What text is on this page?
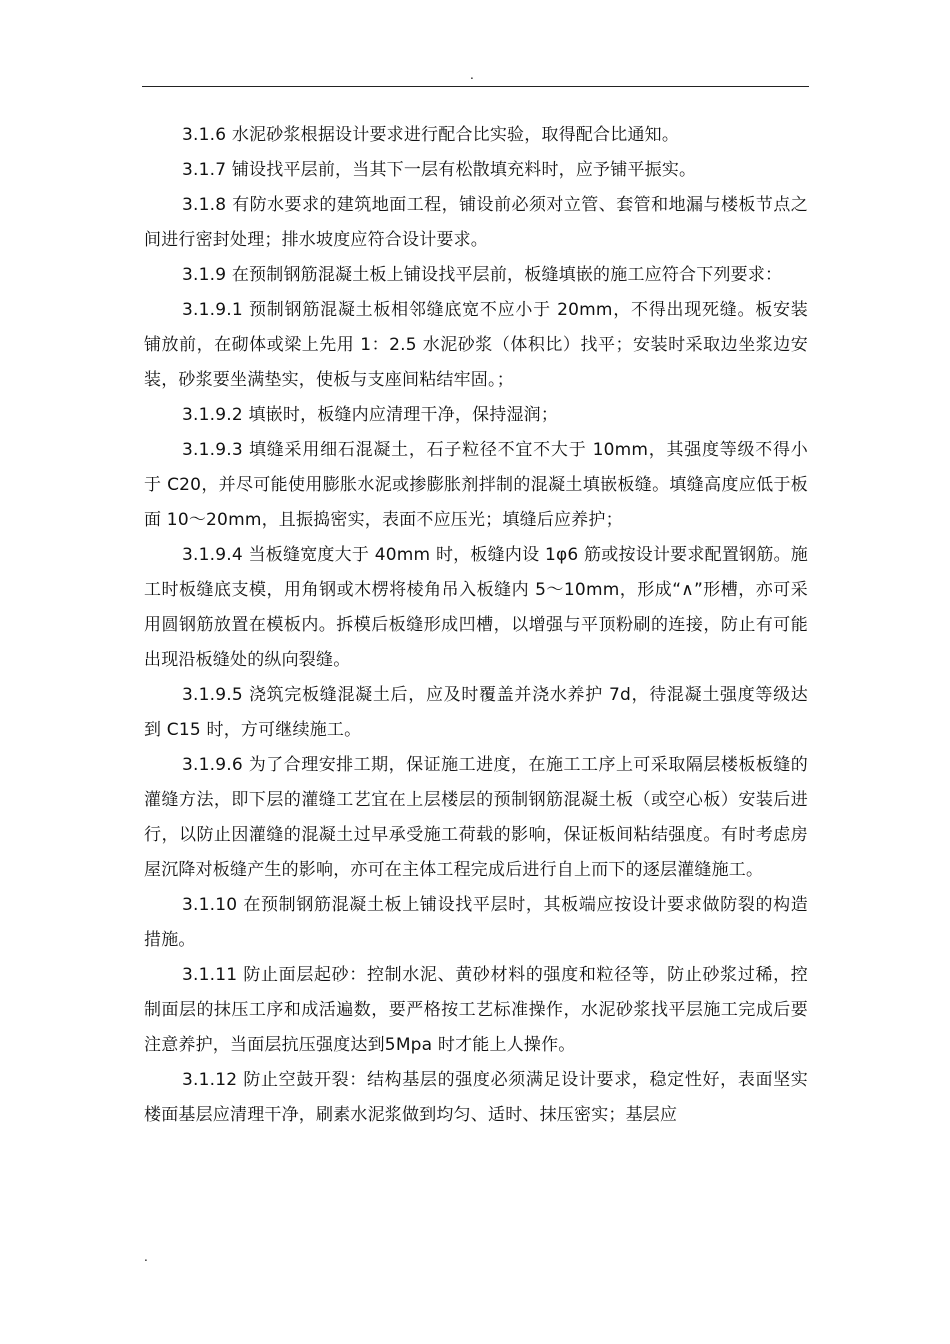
.

3.1.6 水泥砂浆根据设计要求进行配合比实验，取得配合比通知。

3.1.7 铺设找平层前，当其下一层有松散填充料时，应予铺平振实。

3.1.8 有防水要求的建筑地面工程，铺设前必须对立管、套管和地漏与楼板节点之间进行密封处理；排水坡度应符合设计要求。

3.1.9 在预制钢筋混凝土板上铺设找平层前，板缝填嵌的施工应符合下列要求：

3.1.9.1 预制钢筋混凝土板相邻缝底宽不应小于 20mm，不得出现死缝。板安装铺放前，在砌体或梁上先用 1：2.5 水泥砂浆（体积比）找平；安装时采取边坐浆边安装，砂浆要坐满垫实，使板与支座间粘结牢固。；

3.1.9.2 填嵌时，板缝内应清理干净，保持湿润；

3.1.9.3 填缝采用细石混凝土，石子粒径不宜不大于 10mm，其强度等级不得小于 C20，并尽可能使用膨胀水泥或掺膨胀剂拌制的混凝土填嵌板缝。填缝高度应低于板面 10～20mm，且振捣密实，表面不应压光；填缝后应养护；

3.1.9.4 当板缝宽度大于 40mm 时，板缝内设 1φ6 筋或按设计要求配置钢筋。施工时板缝底支模，用角钢或木楞将棱角吊入板缝内 5～10mm，形成“∧”形槽，亦可采用圆钢筋放置在模板内。拆模后板缝形成凹槽，以增强与平顶粉刷的连接，防止有可能出现沿板缝处的纵向裂缝。

3.1.9.5 浇筑完板缝混凝土后，应及时覆盖并浇水养护 7d，待混凝土强度等级达到 C15 时，方可继续施工。

3.1.9.6 为了合理安排工期，保证施工进度，在施工工序上可采取隔层楼板板缝的灌缝方法，即下层的灌缝工艺宜在上层楼层的预制钢筋混凝土板（或空心板）安装后进行，以防止因灌缝的混凝土过早承受施工荷载的影响，保证板间粘结强度。有时考虑房屋沉降对板缝产生的影响，亦可在主体工程完成后进行自上而下的逐层灌缝施工。

3.1.10 在预制钢筋混凝土板上铺设找平层时，其板端应按设计要求做防裂的构造措施。

3.1.11 防止面层起砂：控制水泥、黄砂材料的强度和粒径等，防止砂浆过稀，控制面层的抹压工序和成活遍数，要严格按工艺标准操作，水泥砂浆找平层施工完成后要注意养护，当面层抗压强度达到5Mpa 时才能上人操作。

3.1.12 防止空鼓开裂：结构基层的强度必须满足设计要求，稳定性好，表面坚实楼面基层应清理干净，刷素水泥浆做到均匀、适时、抹压密实；基层应

.
